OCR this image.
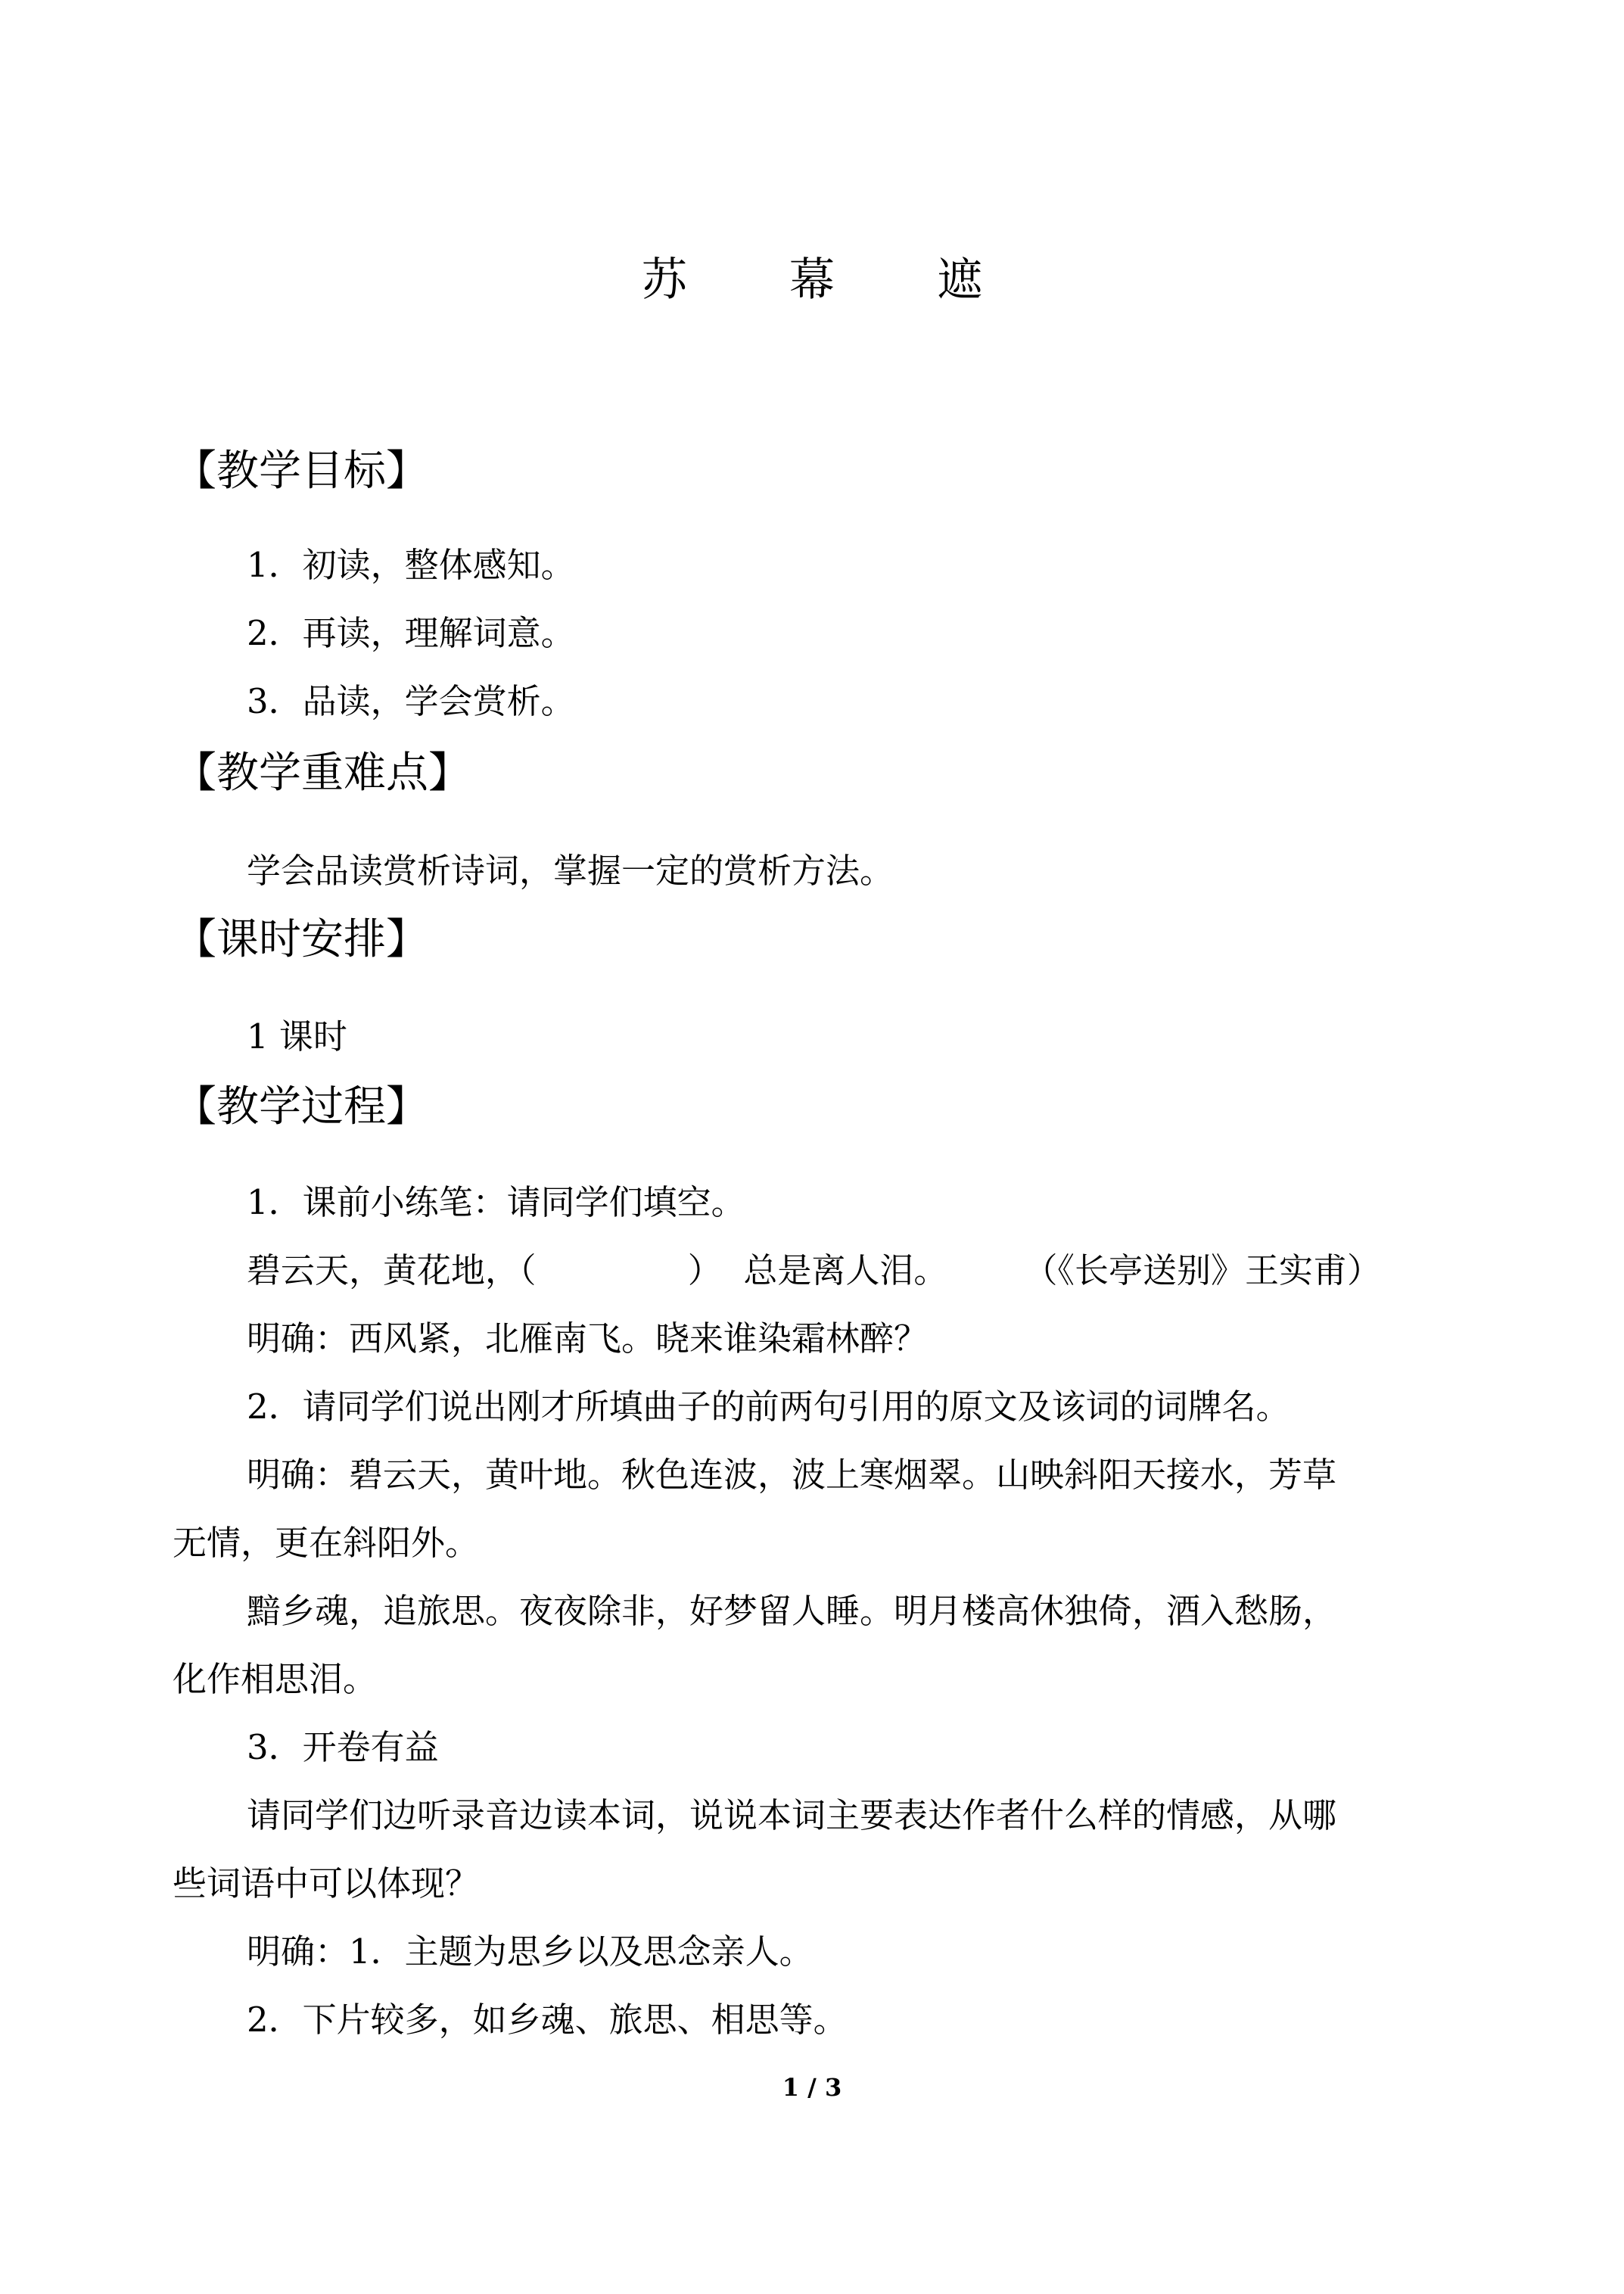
苏 幕 遮
【教学目标】
1．初读，整体感知。
2．再读，理解词意。
3．品读，学会赏析。
【教学重难点】
学会品读赏析诗词，掌握一定的赏析方法。
【课时安排】
1 课时
【教学过程】
1．课前小练笔：请同学们填空。
碧云天，黄花地，（              ）  总是离人泪。       （《长亭送别》王实甫）
明确：西风紧，北雁南飞。晓来谁染霜林醉？
2．请同学们说出刚才所填曲子的前两句引用的原文及该词的词牌名。
明确：碧云天，黄叶地。秋色连波，波上寒烟翠。山映斜阳天接水，芳草
无情，更在斜阳外。
黯乡魂，追旅思。夜夜除非，好梦留人睡。明月楼高休独倚，酒入愁肠，
化作相思泪。
3．开卷有益
请同学们边听录音边读本词，说说本词主要表达作者什么样的情感，从哪
些词语中可以体现？
明确：1．主题为思乡以及思念亲人。
2．下片较多，如乡魂、旅思、相思等。
1 / 3
